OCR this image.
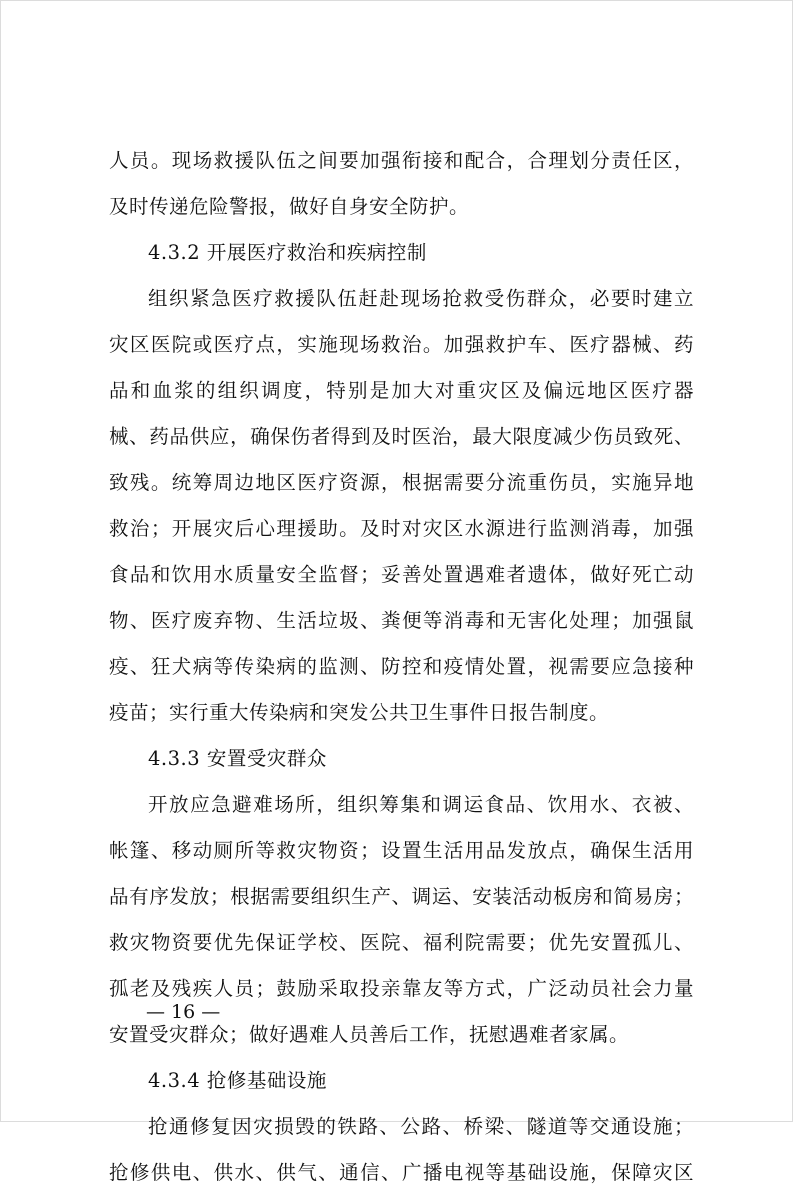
人员。现场救援队伍之间要加强衔接和配合，合理划分责任区，
及时传递危险警报，做好自身安全防护。
4.3.2 开展医疗救治和疾病控制
组织紧急医疗救援队伍赶赴现场抢救受伤群众，必要时建立
灾区医院或医疗点，实施现场救治。加强救护车、医疗器械、药
品和血浆的组织调度，特别是加大对重灾区及偏远地区医疗器
械、药品供应，确保伤者得到及时医治，最大限度减少伤员致死、
致残。统筹周边地区医疗资源，根据需要分流重伤员，实施异地
救治；开展灾后心理援助。及时对灾区水源进行监测消毒，加强
食品和饮用水质量安全监督；妥善处置遇难者遗体，做好死亡动
物、医疗废弃物、生活垃圾、粪便等消毒和无害化处理；加强鼠
疫、狂犬病等传染病的监测、防控和疫情处置，视需要应急接种
疫苗；实行重大传染病和突发公共卫生事件日报告制度。
4.3.3 安置受灾群众
开放应急避难场所，组织筹集和调运食品、饮用水、衣被、
帐篷、移动厕所等救灾物资；设置生活用品发放点，确保生活用
品有序发放；根据需要组织生产、调运、安装活动板房和简易房；
救灾物资要优先保证学校、医院、福利院需要；优先安置孤儿、
孤老及残疾人员；鼓励采取投亲靠友等方式，广泛动员社会力量
安置受灾群众；做好遇难人员善后工作，抚慰遇难者家属。
4.3.4 抢修基础设施
抢通修复因灾损毁的铁路、公路、桥梁、隧道等交通设施；
抢修供电、供水、供气、通信、广播电视等基础设施，保障灾区
— 16 —
